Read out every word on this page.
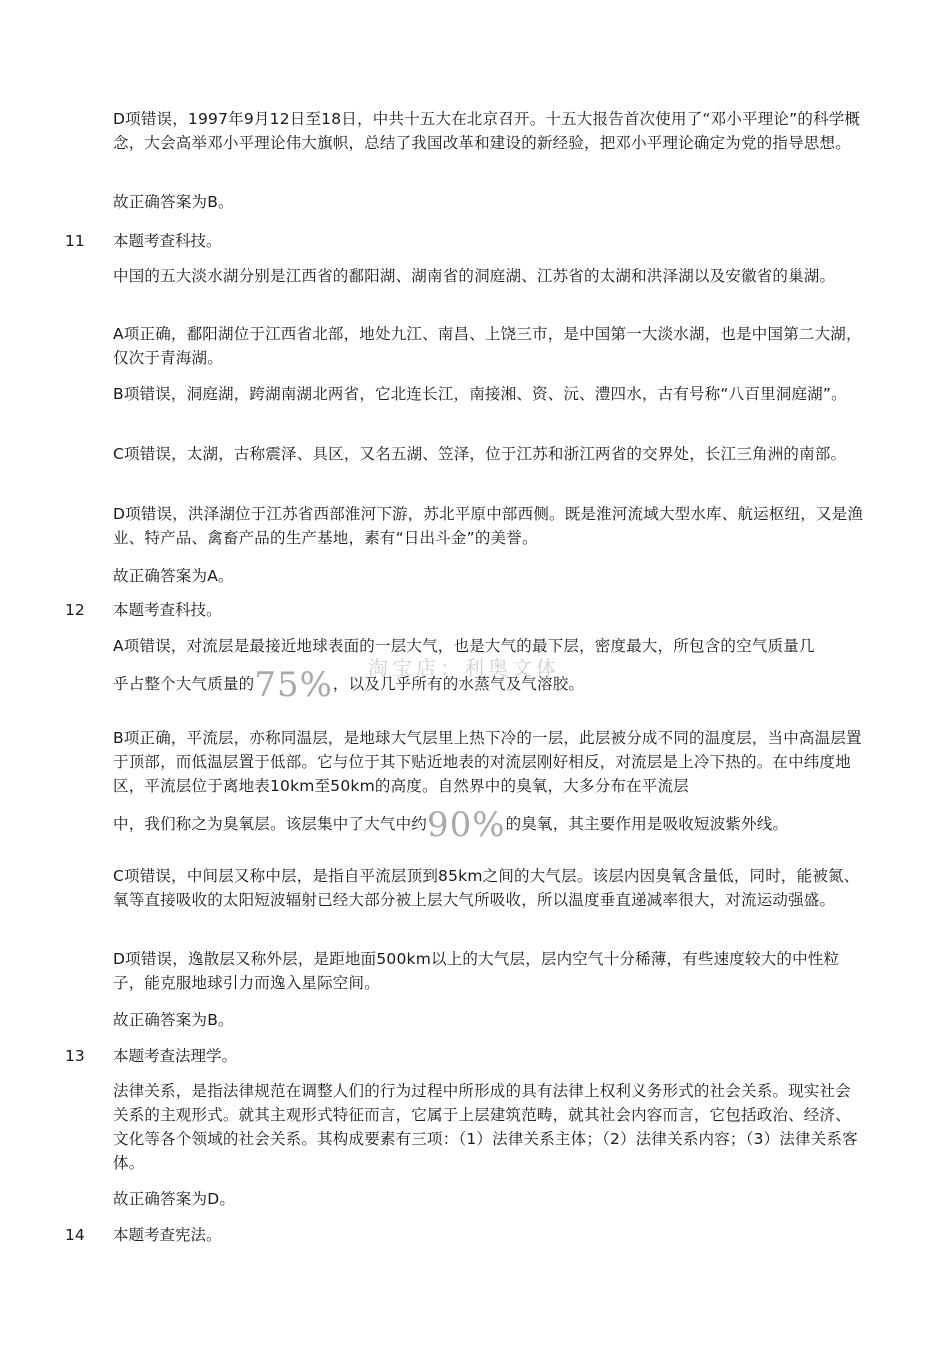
D项错误，1997年9月12日至18日，中共十五大在北京召开。十五大报告首次使用了“邓小平理论”的科学概念，大会高举邓小平理论伟大旗帜，总结了我国改革和建设的新经验，把邓小平理论确定为党的指导思想。

故正确答案为B。

11 本题考查科技。

中国的五大淡水湖分别是江西省的鄱阳湖、湖南省的洞庭湖、江苏省的太湖和洪泽湖以及安徽省的巢湖。

A项正确，鄱阳湖位于江西省北部，地处九江、南昌、上饶三市，是中国第一大淡水湖，也是中国第二大湖，仅次于青海湖。

B项错误，洞庭湖，跨湖南湖北两省，它北连长江，南接湘、资、沅、澧四水，古有号称“八百里洞庭湖”。

C项错误，太湖，古称震泽、具区，又名五湖、笠泽，位于江苏和浙江两省的交界处，长江三角洲的南部。

D项错误，洪泽湖位于江苏省西部淮河下游，苏北平原中部西侧。既是淮河流域大型水库、航运枢纽，又是渔业、特产品、禽畜产品的生产基地，素有“日出斗金”的美誉。

故正确答案为A。

12 本题考查科技。
淘宝店：利奥文体

A项错误，对流层是最接近地球表面的一层大气，也是大气的最下层，密度最大，所包含的空气质量几

乎占整个大气质量的75%，以及几乎所有的水蒸气及气溶胶。

B项正确，平流层，亦称同温层，是地球大气层里上热下冷的一层，此层被分成不同的温度层，当中高温层置于顶部，而低温层置于低部。它与位于其下贴近地表的对流层刚好相反，对流层是上冷下热的。在中纬度地区，平流层位于离地表10km至50km的高度。自然界中的臭氧，大多分布在平流层

中，我们称之为臭氧层。该层集中了大气中约90%的臭氧，其主要作用是吸收短波紫外线。

C项错误，中间层又称中层，是指自平流层顶到85km之间的大气层。该层内因臭氧含量低，同时，能被氮、氧等直接吸收的太阳短波辐射已经大部分被上层大气所吸收，所以温度垂直递减率很大，对流运动强盛。

D项错误，逸散层又称外层，是距地面500km以上的大气层，层内空气十分稀薄，有些速度较大的中性粒子，能克服地球引力而逸入星际空间。

故正确答案为B。

13 本题考查法理学。

法律关系，是指法律规范在调整人们的行为过程中所形成的具有法律上权利义务形式的社会关系。现实社会关系的主观形式。就其主观形式特征而言，它属于上层建筑范畴，就其社会内容而言，它包括政治、经济、文化等各个领域的社会关系。其构成要素有三项：（1）法律关系主体；（2）法律关系内容；（3）法律关系客体。

故正确答案为D。

14 本题考查宪法。
